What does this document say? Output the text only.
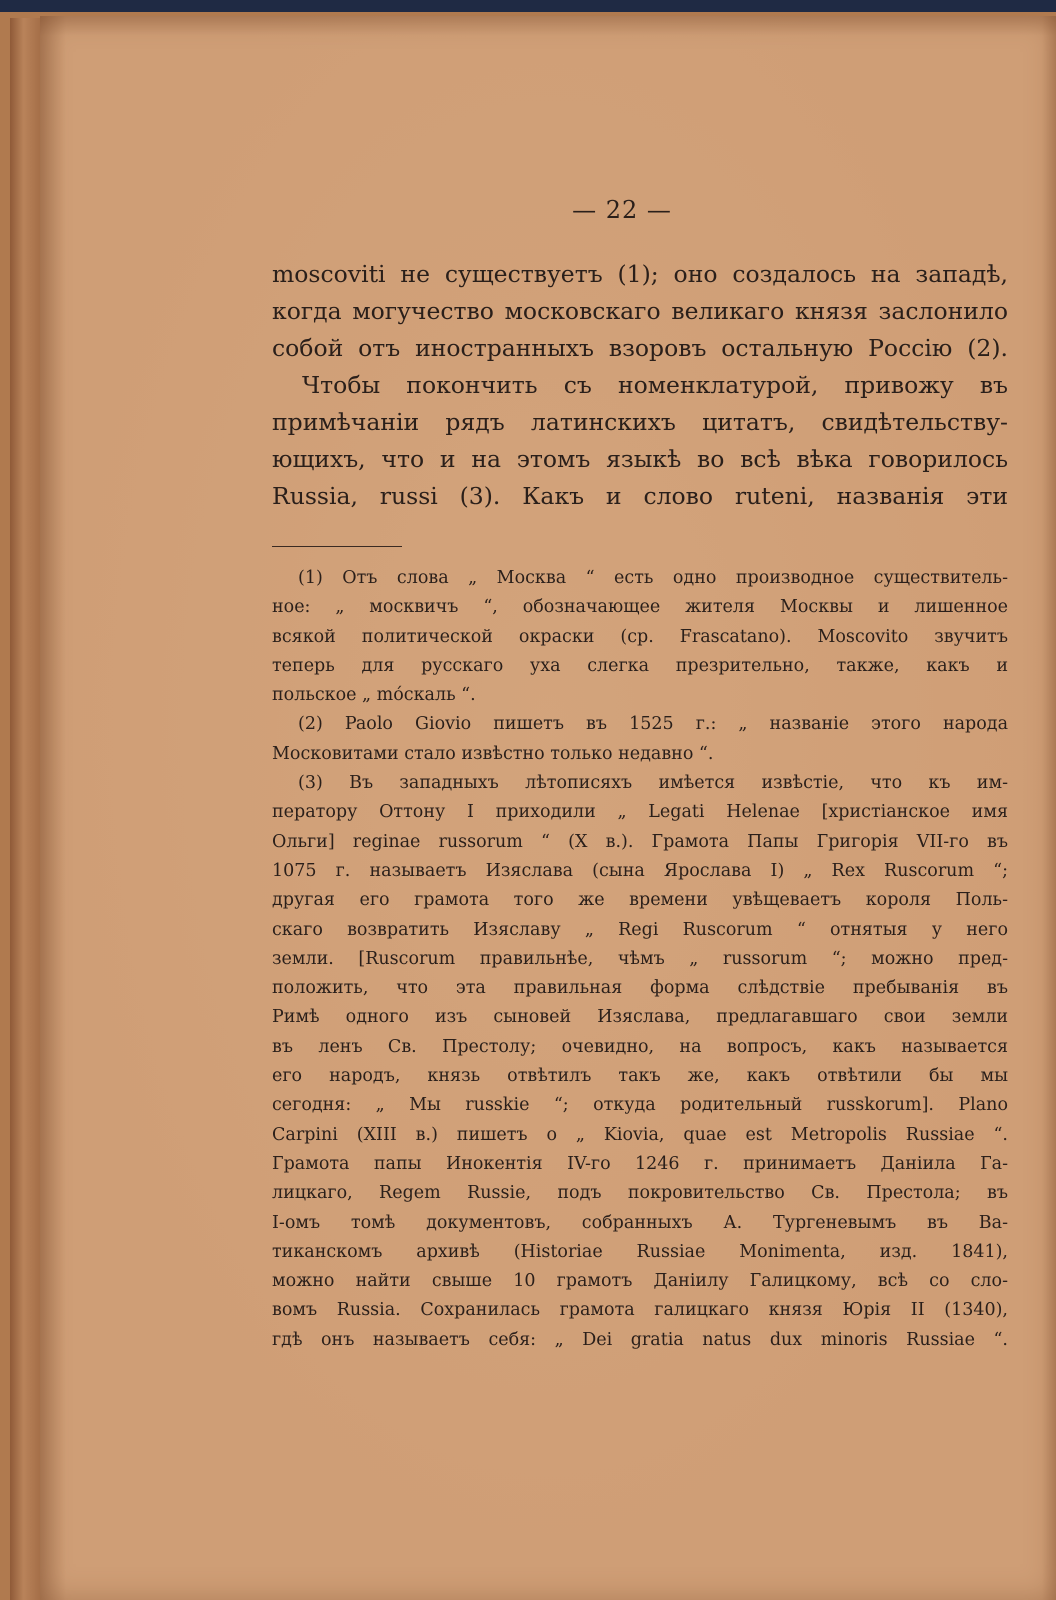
— 22 —
moscoviti не существуетъ (1); оно создалось на западѣ,
когда могучество московскаго великаго князя заслонило
собой отъ иностранныхъ взоровъ остальную Россію (2).
Чтобы покончить съ номенклатурой, привожу въ
примѣчаніи рядъ латинскихъ цитатъ, свидѣтельству-
ющихъ, что и на этомъ языкѣ во всѣ вѣка говорилось
Russia, russi (3). Какъ и слово ruteni, названія эти
(1) Отъ слова „ Москва “ есть одно производное существитель-
ное: „ москвичъ “, обозначающее жителя Москвы и лишенное
всякой политической окраски (ср. Frascatano). Moscovito звучитъ
теперь для русскаго уха слегка презрительно, также, какъ и
польское „ móскаль “.
(2) Paolo Giovio пишетъ въ 1525 г.: „ названіе этого народа
Московитами стало извѣстно только недавно “.
(3) Въ западныхъ лѣтописяхъ имѣется извѣстіе, что къ им-
ператору Оттону I приходили „ Legati Helenae [христіанское имя
Ольги] reginae russorum “ (X в.). Грамота Папы Григорія VII-го въ
1075 г. называетъ Изяслава (сына Ярослава I) „ Rex Ruscorum “;
другая его грамота того же времени увѣщеваетъ короля Поль-
скаго возвратить Изяславу „ Regi Ruscorum “ отнятыя у него
земли. [Ruscorum правильнѣе, чѣмъ „ russorum “; можно пред-
положить, что эта правильная форма слѣдствіе пребыванія въ
Римѣ одного изъ сыновей Изяслава, предлагавшаго свои земли
въ ленъ Св. Престолу; очевидно, на вопросъ, какъ называется
его народъ, князь отвѣтилъ такъ же, какъ отвѣтили бы мы
сегодня: „ Мы russkie “; откуда родительный russkorum]. Plano
Carpini (XIII в.) пишетъ о „ Kiovia, quae est Metropolis Russiae “.
Грамота папы Инокентія IV-го 1246 г. принимаетъ Даніила Га-
лицкаго, Regem Russie, подъ покровительство Св. Престола; въ
I-омъ томѣ документовъ, собранныхъ А. Тургеневымъ въ Ва-
тиканскомъ архивѣ (Historiae Russiae Monimenta, изд. 1841),
можно найти свыше 10 грамотъ Даніилу Галицкому, всѣ со сло-
вомъ Russia. Сохранилась грамота галицкаго князя Юрія II (1340),
гдѣ онъ называетъ себя: „ Dei gratia natus dux minoris Russiae “.
